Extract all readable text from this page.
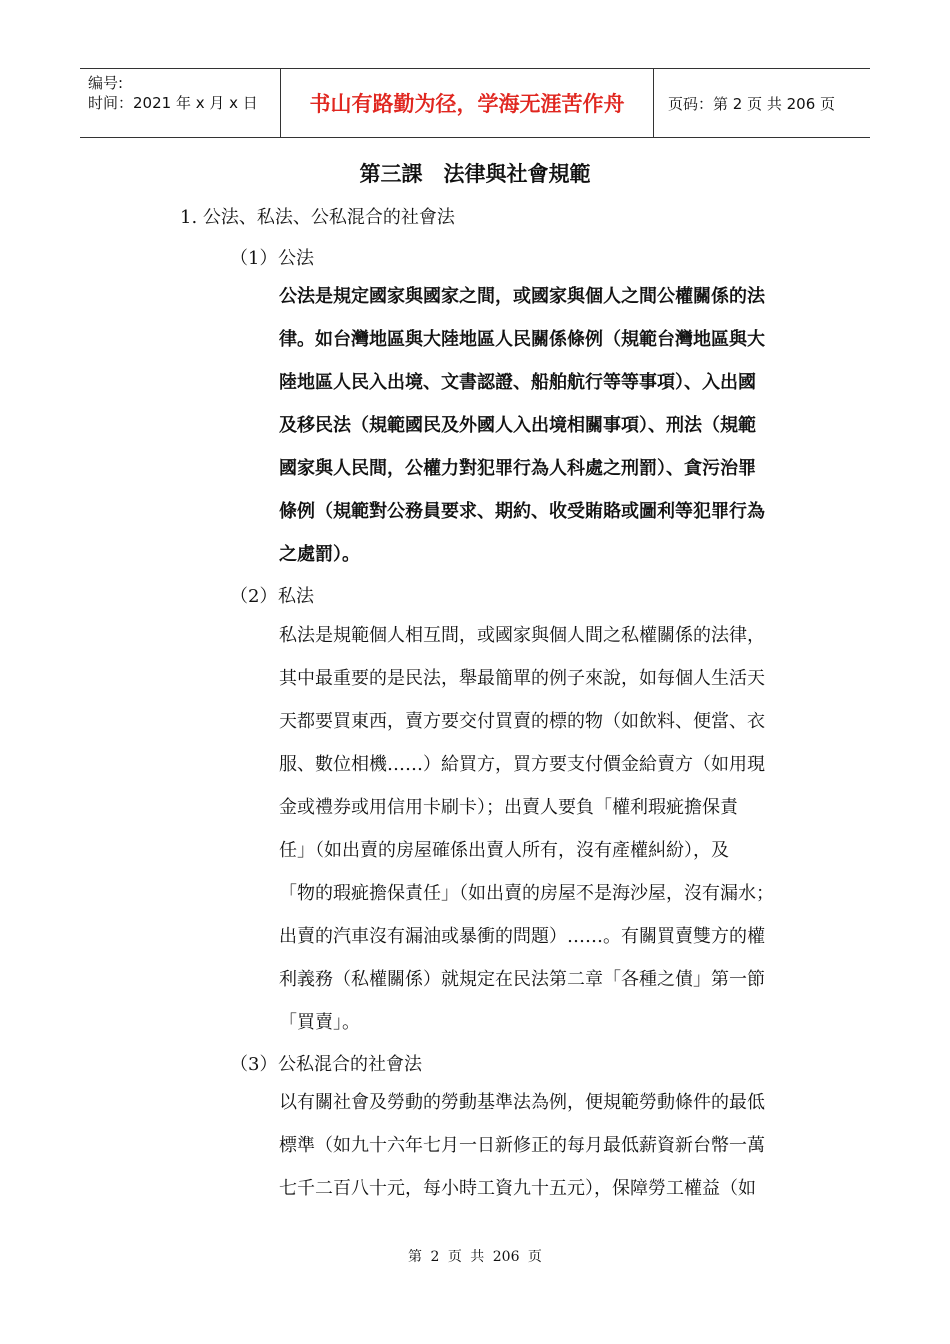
编号:
时间：2021 年 x 月 x 日	书山有路勤为径，学海无涯苦作舟	页码：第 2 页 共 206 页
第三課　法律與社會規範
1. 公法、私法、公私混合的社會法
（1） 公法
公法是規定國家與國家之間，或國家與個人之間公權關係的法
律。如台灣地區與大陸地區人民關係條例（規範台灣地區與大
陸地區人民入出境、文書認證、船舶航行等等事項）、入出國
及移民法（規範國民及外國人入出境相關事項）、刑法（規範
國家與人民間，公權力對犯罪行為人科處之刑罰）、貪污治罪
條例（規範對公務員要求、期約、收受賄賂或圖利等犯罪行為
之處罰）。
（2） 私法
私法是規範個人相互間，或國家與個人間之私權關係的法律，
其中最重要的是民法，舉最簡單的例子來說，如每個人生活天
天都要買東西，賣方要交付買賣的標的物（如飲料、便當、衣
服、數位相機……）給買方，買方要支付價金給賣方（如用現
金或禮券或用信用卡刷卡）；出賣人要負「權利瑕疵擔保責
任」（如出賣的房屋確係出賣人所有，沒有產權糾紛），及
「物的瑕疵擔保責任」（如出賣的房屋不是海沙屋，沒有漏水；
出賣的汽車沒有漏油或暴衝的問題）……。有關買賣雙方的權
利義務（私權關係）就規定在民法第二章「各種之債」第一節
「買賣」。
（3） 公私混合的社會法
以有關社會及勞動的勞動基準法為例，便規範勞動條件的最低
標準（如九十六年七月一日新修正的每月最低薪資新台幣一萬
七千二百八十元，每小時工資九十五元），保障勞工權益（如
第 2 页 共 206 页
